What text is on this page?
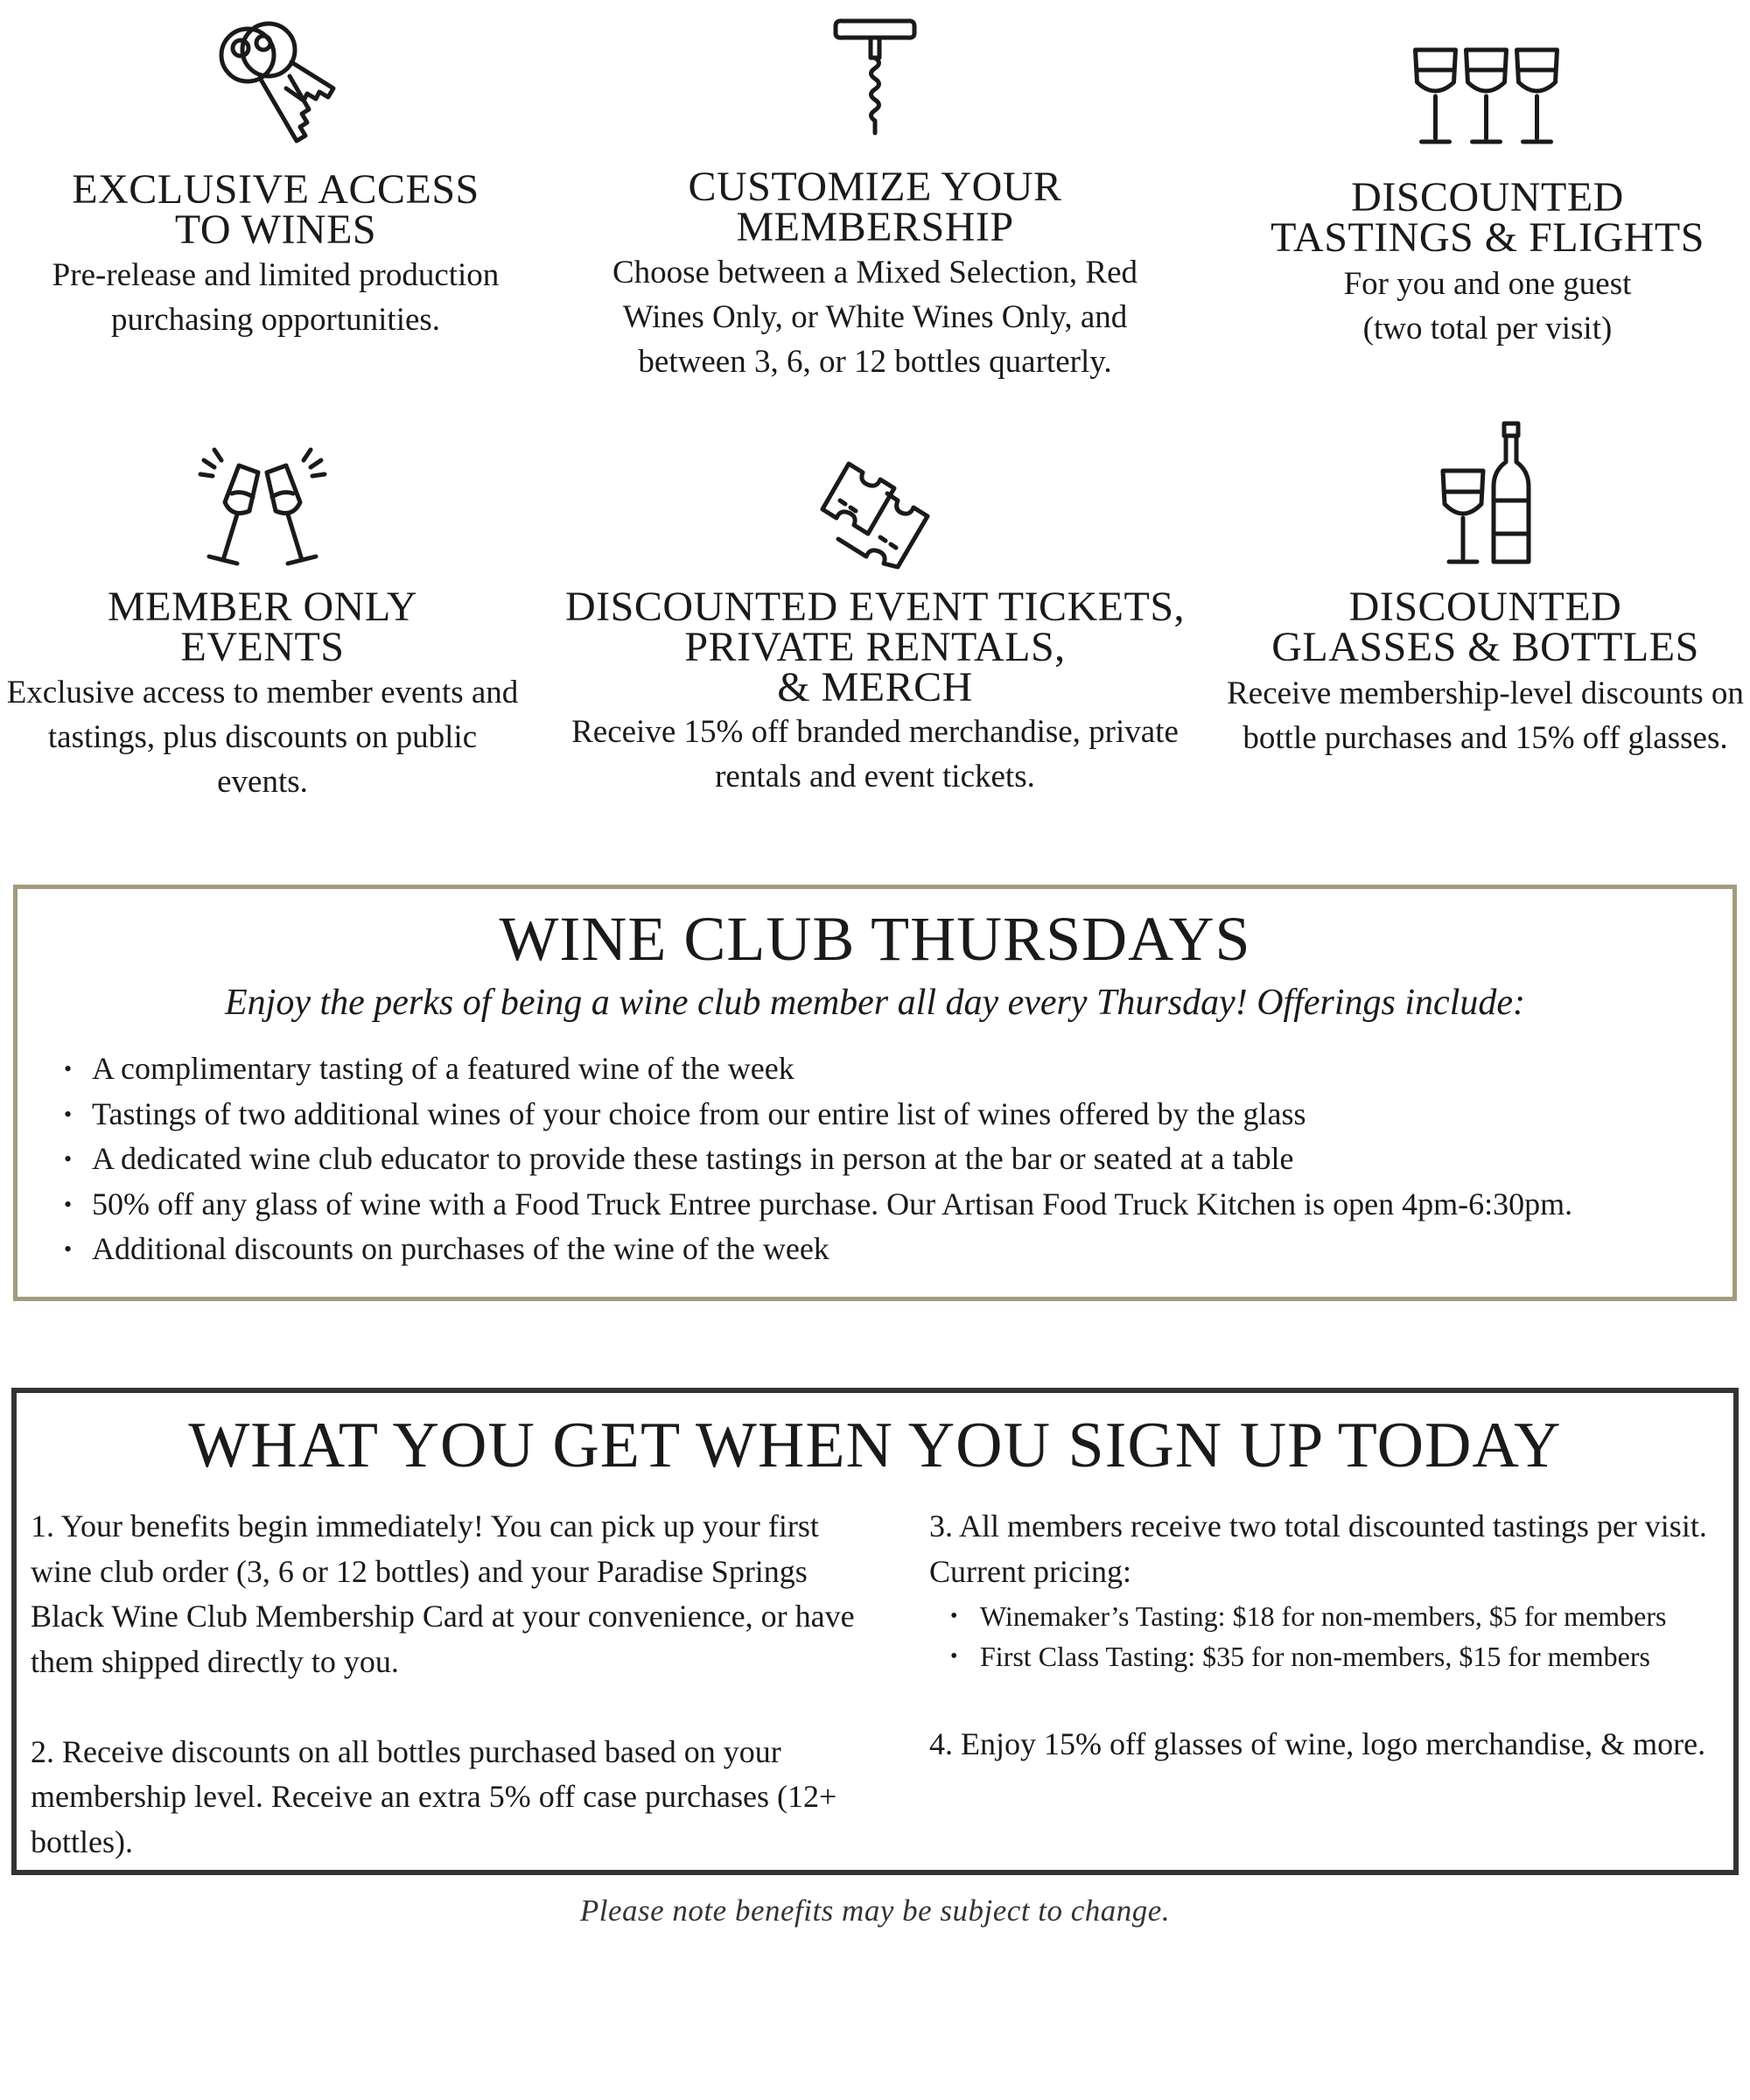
EXCLUSIVE ACCESS
TO WINES
Pre-release and limited production
purchasing opportunities.
CUSTOMIZE YOUR
MEMBERSHIP
Choose between a Mixed Selection, Red
Wines Only, or White Wines Only, and
between 3, 6, or 12 bottles quarterly.
DISCOUNTED
TASTINGS & FLIGHTS
For you and one guest
(two total per visit)
MEMBER ONLY
EVENTS
Exclusive access to member events and
tastings, plus discounts on public events.
DISCOUNTED EVENT TICKETS,
PRIVATE RENTALS,
& MERCH
Receive 15% off branded merchandise, private
rentals and event tickets.
DISCOUNTED
GLASSES & BOTTLES
Receive membership-level discounts on
bottle purchases and 15% off glasses.
WINE CLUB THURSDAYS
Enjoy the perks of being a wine club member all day every Thursday! Offerings include:
• A complimentary tasting of a featured wine of the week
• Tastings of two additional wines of your choice from our entire list of wines offered by the glass
• A dedicated wine club educator to provide these tastings in person at the bar or seated at a table
• 50% off any glass of wine with a Food Truck Entree purchase. Our Artisan Food Truck Kitchen is open 4pm-6:30pm.
• Additional discounts on purchases of the wine of the week
WHAT YOU GET WHEN YOU SIGN UP TODAY

1. Your benefits begin immediately! You can pick up your first wine club order (3, 6 or 12 bottles) and your Paradise Springs Black Wine Club Membership Card at your convenience, or have them shipped directly to you.

2. Receive discounts on all bottles purchased based on your membership level. Receive an extra 5% off case purchases (12+ bottles).

3. All members receive two total discounted tastings per visit. Current pricing:

• Winemaker’s Tasting: $18 for non-members, $5 for members
• First Class Tasting: $35 for non-members, $15 for members

4. Enjoy 15% off glasses of wine, logo merchandise, & more.

Please note benefits may be subject to change.
